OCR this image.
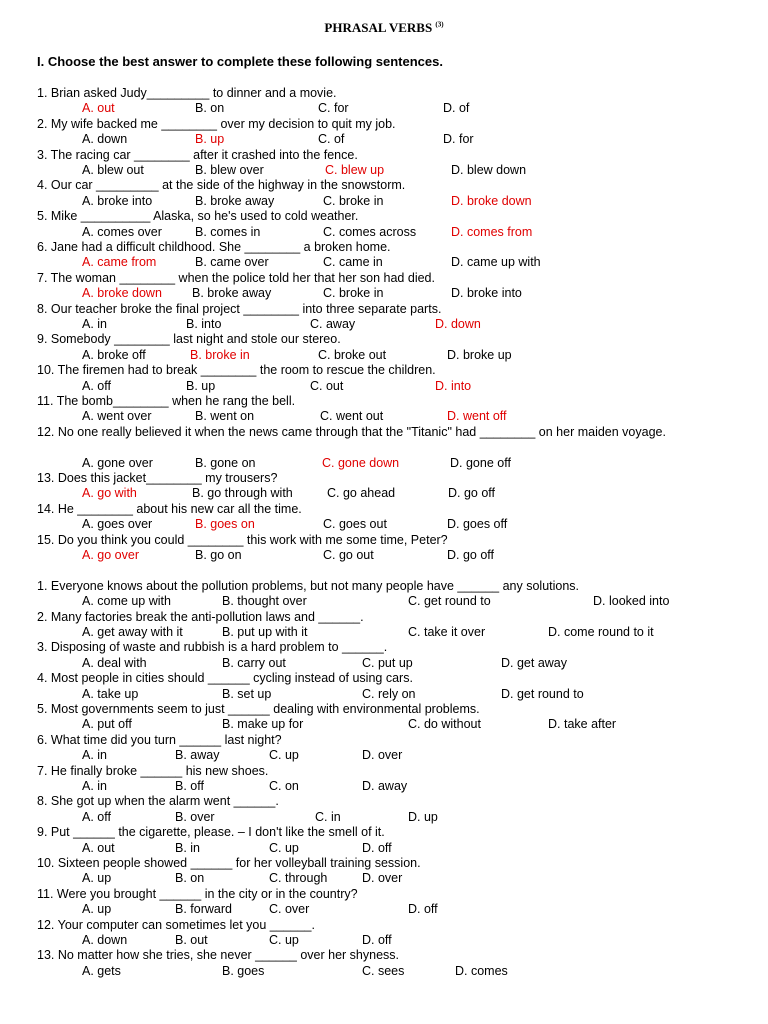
PHRASAL VERBS $^{(3)}$
I. Choose the best answer to complete these following sentences.
1. Brian asked Judy_________ to dinner and a movie.
A. out	B. on	C. for	D. of
2. My wife backed me ________ over my decision to quit my job.
A. down	B. up	C. of	D. for
3. The racing car ________ after it crashed into the fence.
A. blew out	B. blew over	C. blew up	D. blew down
4. Our car _________ at the side of the highway in the snowstorm.
A. broke into	B. broke away	C. broke in	D. broke down
5. Mike __________ Alaska, so he's used to cold weather.
A. comes over	B. comes in	C. comes across	D. comes from
6. Jane had a difficult childhood. She ________ a broken home.
A. came from	B. came over	C. came in	D. came up with
7. The woman ________ when the police told her that her son had died.
A. broke down B. broke away	C. broke in	D. broke into
8. Our teacher broke the final project ________ into three separate parts.
A. in	B. into	C. away	D. down
9. Somebody ________ last night and stole our stereo.
A. broke off	B. broke in	C. broke out	D. broke up
10. The firemen had to break ________ the room to rescue the children.
A. off	B. up	C. out	D. into
11. The bomb________ when he rang the bell.
A. went over	B. went on	C. went out	D. went off
12. No one really believed it when the news came through that the "Titanic" had ________ on her maiden voyage.
A. gone over	B. gone on	C. gone down	D. gone off
13. Does this jacket________ my trousers?
A. go with	B. go through with	C. go ahead	D. go off
14. He ________ about his new car all the time.
A. goes over	B. goes on	C. goes out	D. goes off
15. Do you think you could ________ this work with me some time, Peter?
A. go over	B. go on	C. go out	D. go off
1. Everyone knows about the pollution problems, but not many people have ______ any solutions.
A. come up with	B. thought over	C. get round to	D. looked into
2. Many factories break the anti-pollution laws and ______.
A. get away with it	B. put up with it	C. take it over	D. come round to it
3. Disposing of waste and rubbish is a hard problem to ______.
A. deal with	B. carry out	C. put up	D. get away
4. Most people in cities should ______ cycling instead of using cars.
A. take up	B. set up	C. rely on	D. get round to
5. Most governments seem to just ______ dealing with environmental problems.
A. put off	B. make up for	C. do without	D. take after
6. What time did you turn ______ last night?
A. in	B. away	C. up	D. over
7. He finally broke ______ his new shoes.
A. in	B. off	C. on	D. away
8. She got up when the alarm went ______.
A. off	B. over	C. in	D. up
9. Put ______ the cigarette, please. – I don't like the smell of it.
A. out	B. in	C. up	D. off
10. Sixteen people showed ______ for her volleyball training session.
A. up	B. on	C. through	D. over
11. Were you brought ______ in the city or in the country?
A. up	B. forward	C. over	D. off
12. Your computer can sometimes let you ______.
A. down	B. out	C. up	D. off
13. No matter how she tries, she never ______ over her shyness.
A. gets	B. goes	C. sees	D. comes
